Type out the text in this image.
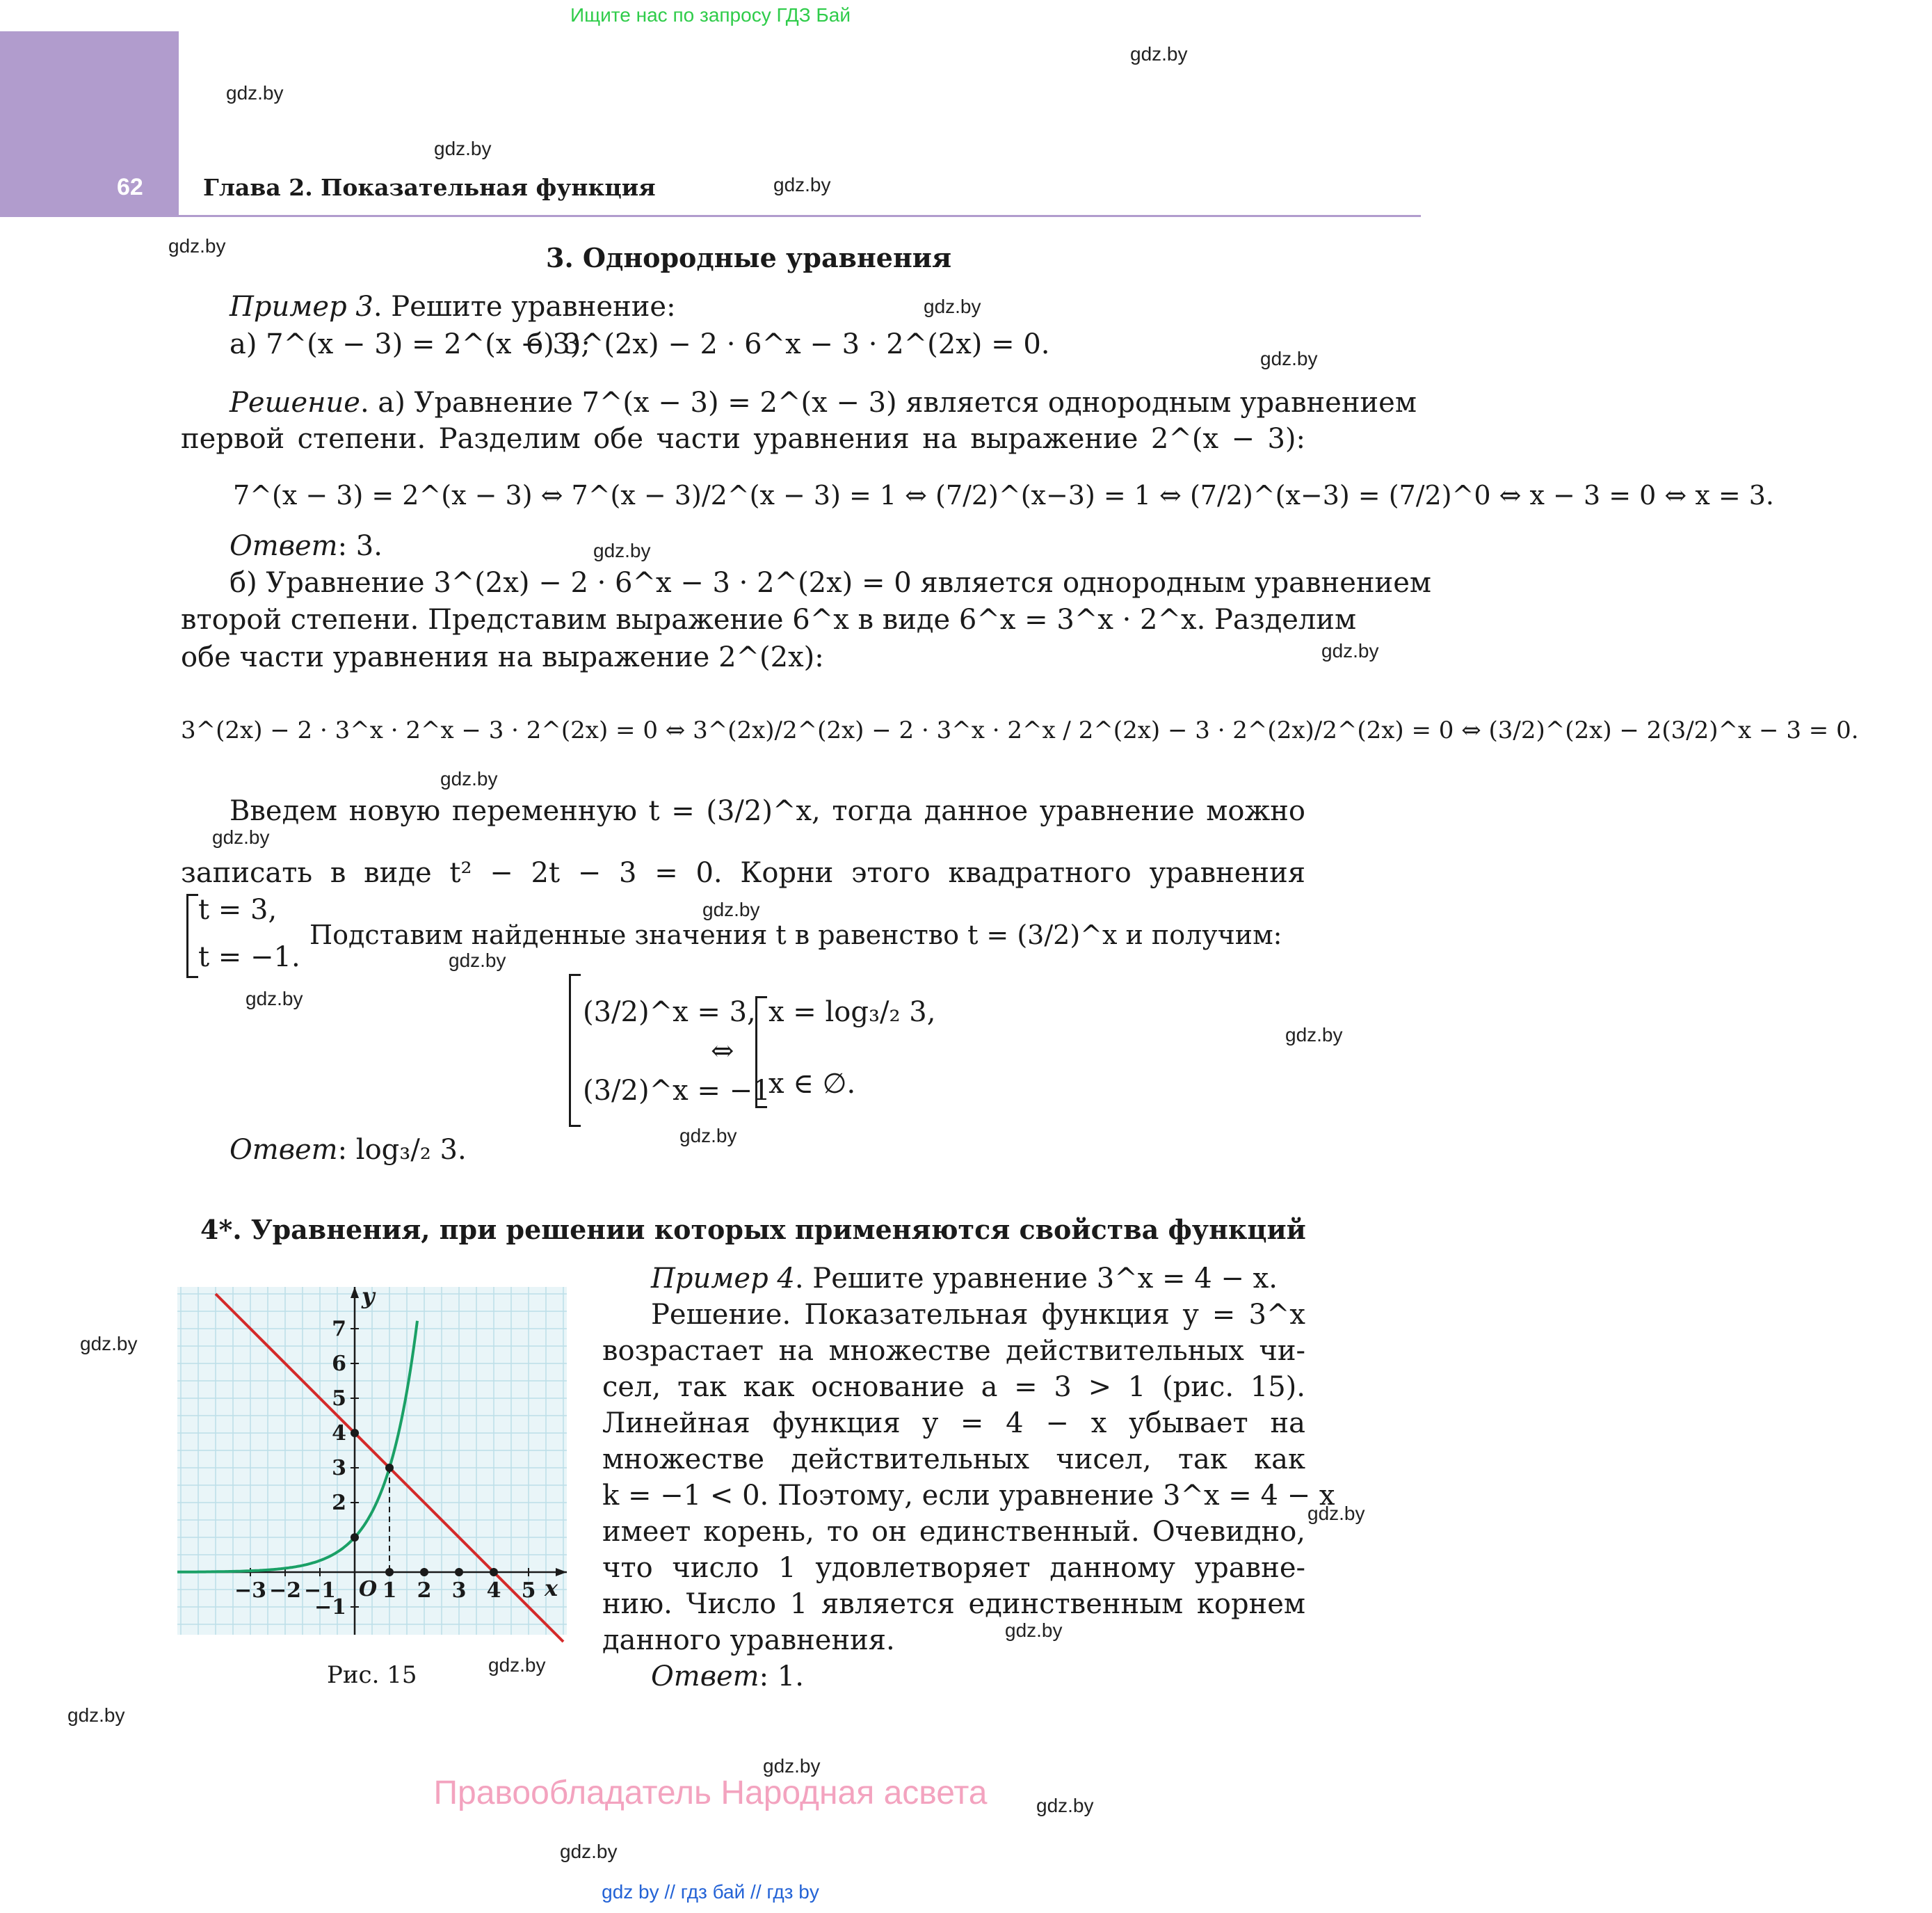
Ищите нас по запросу ГДЗ Бай
62	Глава 2. Показательная функция
gdz.by
gdz.by
gdz.by
gdz.by
gdz.by
gdz.by
gdz.by
gdz.by
gdz.by
gdz.by
gdz.by
gdz.by
gdz.by
gdz.by
gdz.by
gdz.by
gdz.by
gdz.by
gdz.by
gdz.by
gdz.by
gdz.by
gdz.by
gdz.by
3. Однородные уравнения
Пример 3. Решите уравнение:
а) 7^(x − 3) = 2^(x − 3);
б) 3^(2x) − 2 · 6^x − 3 · 2^(2x) = 0.
Решение. а) Уравнение 7^(x − 3) = 2^(x − 3) является однородным уравнением
первой степени. Разделим обе части уравнения на выражение 2^(x − 3):
7^(x − 3) = 2^(x − 3) ⇔ 7^(x − 3)/2^(x − 3) = 1 ⇔ (7/2)^(x−3) = 1 ⇔ (7/2)^(x−3) = (7/2)^0 ⇔ x − 3 = 0 ⇔ x = 3.
Ответ: 3.
б) Уравнение 3^(2x) − 2 · 6^x − 3 · 2^(2x) = 0 является однородным уравнением
второй степени. Представим выражение 6^x в виде 6^x = 3^x · 2^x. Разделим
обе части уравнения на выражение 2^(2x):
3^(2x) − 2 · 3^x · 2^x − 3 · 2^(2x) = 0 ⇔ 3^(2x)/2^(2x) − 2 · 3^x · 2^x / 2^(2x) − 3 · 2^(2x)/2^(2x) = 0 ⇔ (3/2)^(2x) − 2(3/2)^x − 3 = 0.
Введем новую переменную t = (3/2)^x, тогда данное уравнение можно
записать в виде t² − 2t − 3 = 0. Корни этого квадратного уравнения
t = 3,
t = −1.
Подставим найденные значения t в равенство t = (3/2)^x и получим:
(3/2)^x = 3,
(3/2)^x = −1
⇔
x = log₃/₂ 3,
x ∈ ∅.
Ответ: log₃/₂ 3.
4*. Уравнения, при решении которых применяются свойства функций
−3 −2 −1 1 2 3 4 5
7
6
5
4
3
2
−1
O	x
y
Рис. 15
Пример 4. Решите уравнение 3^x = 4 − x.
Решение. Показательная функция y = 3^x
возрастает на множестве действительных чи-
сел, так как основание a = 3 > 1 (рис. 15).
Линейная функция y = 4 − x убывает на
множестве действительных чисел, так как
k = −1 < 0. Поэтому, если уравнение 3^x = 4 − x
имеет корень, то он единственный. Очевидно,
что число 1 удовлетворяет данному уравне-
нию. Число 1 является единственным корнем
данного уравнения.
Ответ: 1.
Правообладатель Народная асвета
gdz by // гдз бай // гдз by
